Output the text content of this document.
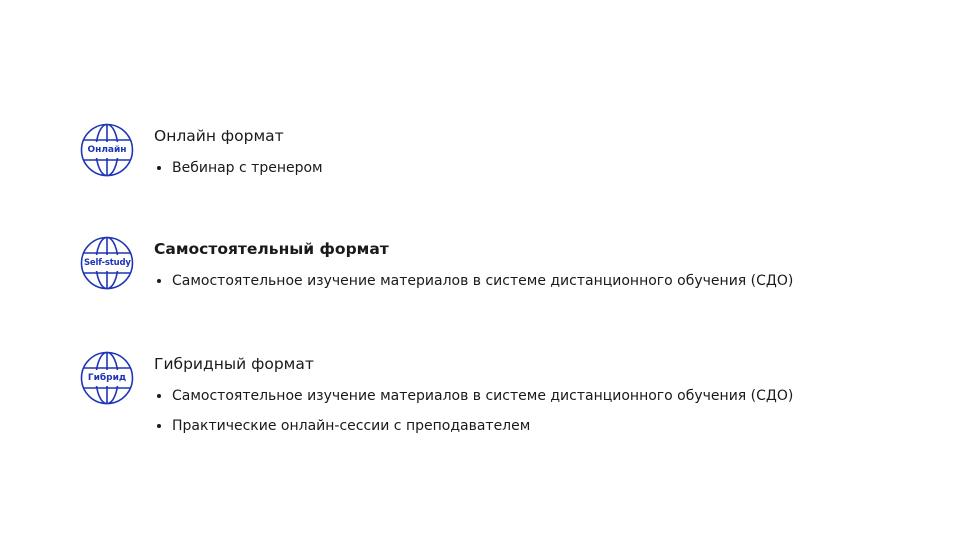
Онлайн
Онлайн формат
Вебинар с тренером
Self-study
Самостоятельный формат
Самостоятельное изучение материалов в системе дистанционного обучения (СДО)
Гибрид
Гибридный формат
Самостоятельное изучение материалов в системе дистанционного обучения (СДО)
Практические онлайн-сессии с преподавателем
